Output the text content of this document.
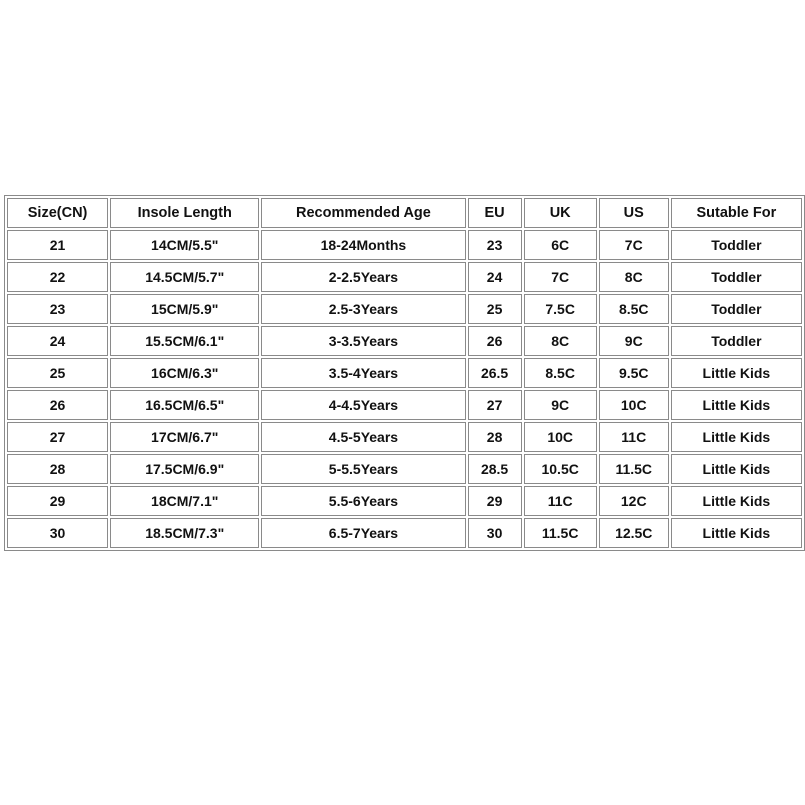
Size(CN)	Insole Length	Recommended Age	EU	UK	US	Sutable For
21	14CM/5.5"	18-24Months	23	6C	7C	Toddler
22	14.5CM/5.7"	2-2.5Years	24	7C	8C	Toddler
23	15CM/5.9"	2.5-3Years	25	7.5C	8.5C	Toddler
24	15.5CM/6.1"	3-3.5Years	26	8C	9C	Toddler
25	16CM/6.3"	3.5-4Years	26.5	8.5C	9.5C	Little Kids
26	16.5CM/6.5"	4-4.5Years	27	9C	10C	Little Kids
27	17CM/6.7"	4.5-5Years	28	10C	11C	Little Kids
28	17.5CM/6.9"	5-5.5Years	28.5	10.5C	11.5C	Little Kids
29	18CM/7.1"	5.5-6Years	29	11C	12C	Little Kids
30	18.5CM/7.3"	6.5-7Years	30	11.5C	12.5C	Little Kids
